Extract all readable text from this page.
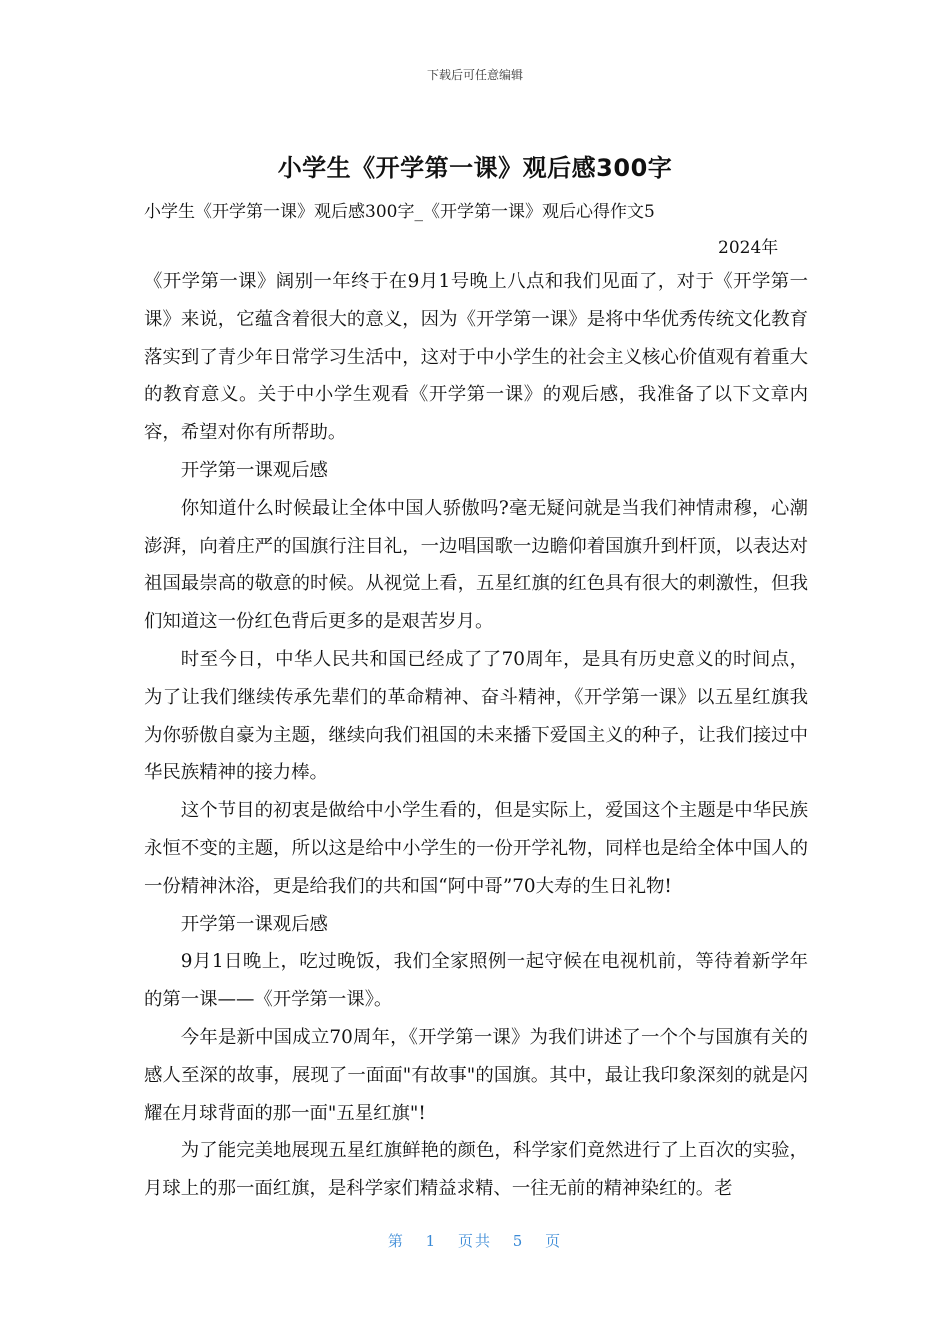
下载后可任意编辑
小学生《开学第一课》观后感300字
小学生《开学第一课》观后感300字_《开学第一课》观后心得作文5
2024年

《开学第一课》阔别一年终于在9月1号晚上八点和我们见面了，对于《开学第一课》来说，它蕴含着很大的意义，因为《开学第一课》是将中华优秀传统文化教育落实到了青少年日常学习生活中，这对于中小学生的社会主义核心价值观有着重大的教育意义。关于中小学生观看《开学第一课》的观后感，我准备了以下文章内容，希望对你有所帮助。

开学第一课观后感

你知道什么时候最让全体中国人骄傲吗?毫无疑问就是当我们神情肃穆，心潮澎湃，向着庄严的国旗行注目礼，一边唱国歌一边瞻仰着国旗升到杆顶，以表达对祖国最崇高的敬意的时候。从视觉上看，五星红旗的红色具有很大的刺激性，但我们知道这一份红色背后更多的是艰苦岁月。

时至今日，中华人民共和国已经成了了70周年，是具有历史意义的时间点，为了让我们继续传承先辈们的革命精神、奋斗精神，《开学第一课》以五星红旗我为你骄傲自豪为主题，继续向我们祖国的未来播下爱国主义的种子，让我们接过中华民族精神的接力棒。

这个节目的初衷是做给中小学生看的，但是实际上，爱国这个主题是中华民族永恒不变的主题，所以这是给中小学生的一份开学礼物，同样也是给全体中国人的一份精神沐浴，更是给我们的共和国“阿中哥”70大寿的生日礼物!

开学第一课观后感

9月1日晚上，吃过晚饭，我们全家照例一起守候在电视机前，等待着新学年的第一课——《开学第一课》。

今年是新中国成立70周年，《开学第一课》为我们讲述了一个个与国旗有关的感人至深的故事，展现了一面面"有故事"的国旗。其中，最让我印象深刻的就是闪耀在月球背面的那一面"五星红旗"!

为了能完美地展现五星红旗鲜艳的颜色，科学家们竟然进行了上百次的实验，月球上的那一面红旗，是科学家们精益求精、一往无前的精神染红的。老

第 1 页共 5 页
